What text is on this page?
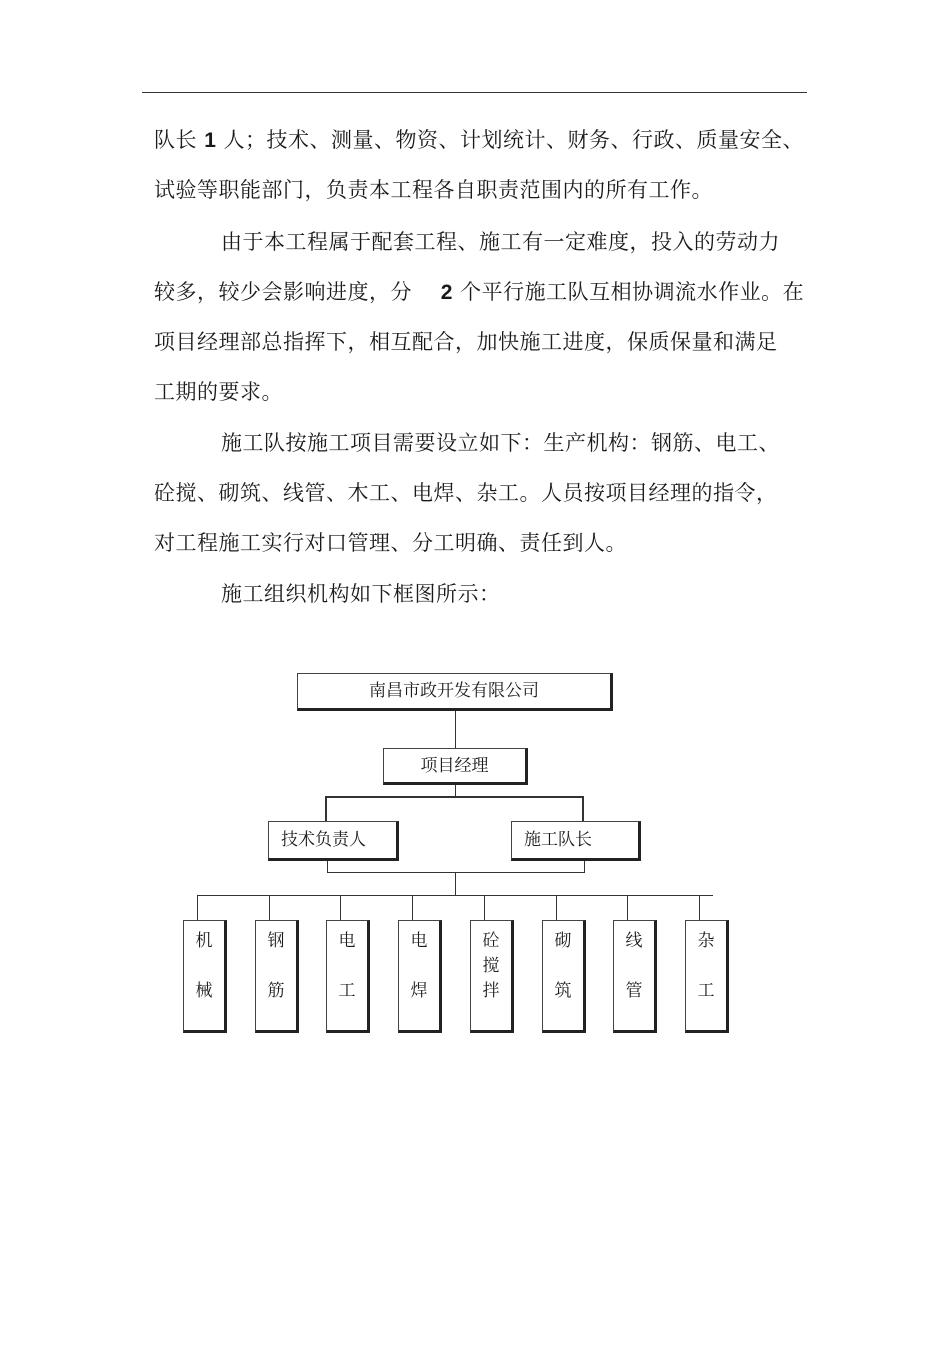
队长 1 人；技术、测量、物资、计划统计、财务、行政、质量安全、
试验等职能部门，负责本工程各自职责范围内的所有工作。
由于本工程属于配套工程、施工有一定难度，投入的劳动力
较多，较少会影响进度，分 2 个平行施工队互相协调流水作业。在
项目经理部总指挥下，相互配合，加快施工进度，保质保量和满足
工期的要求。
施工队按施工项目需要设立如下：生产机构：钢筋、电工、
砼搅、砌筑、线管、木工、电焊、杂工。人员按项目经理的指令，
对工程施工实行对口管理、分工明确、责任到人。
施工组织机构如下框图所示：
南昌市政开发有限公司
项目经理
技术负责人	施工队长
机
械
钢
筋
电
工
电
焊
砼
搅
拌
砌
筑
线
管
杂
工
